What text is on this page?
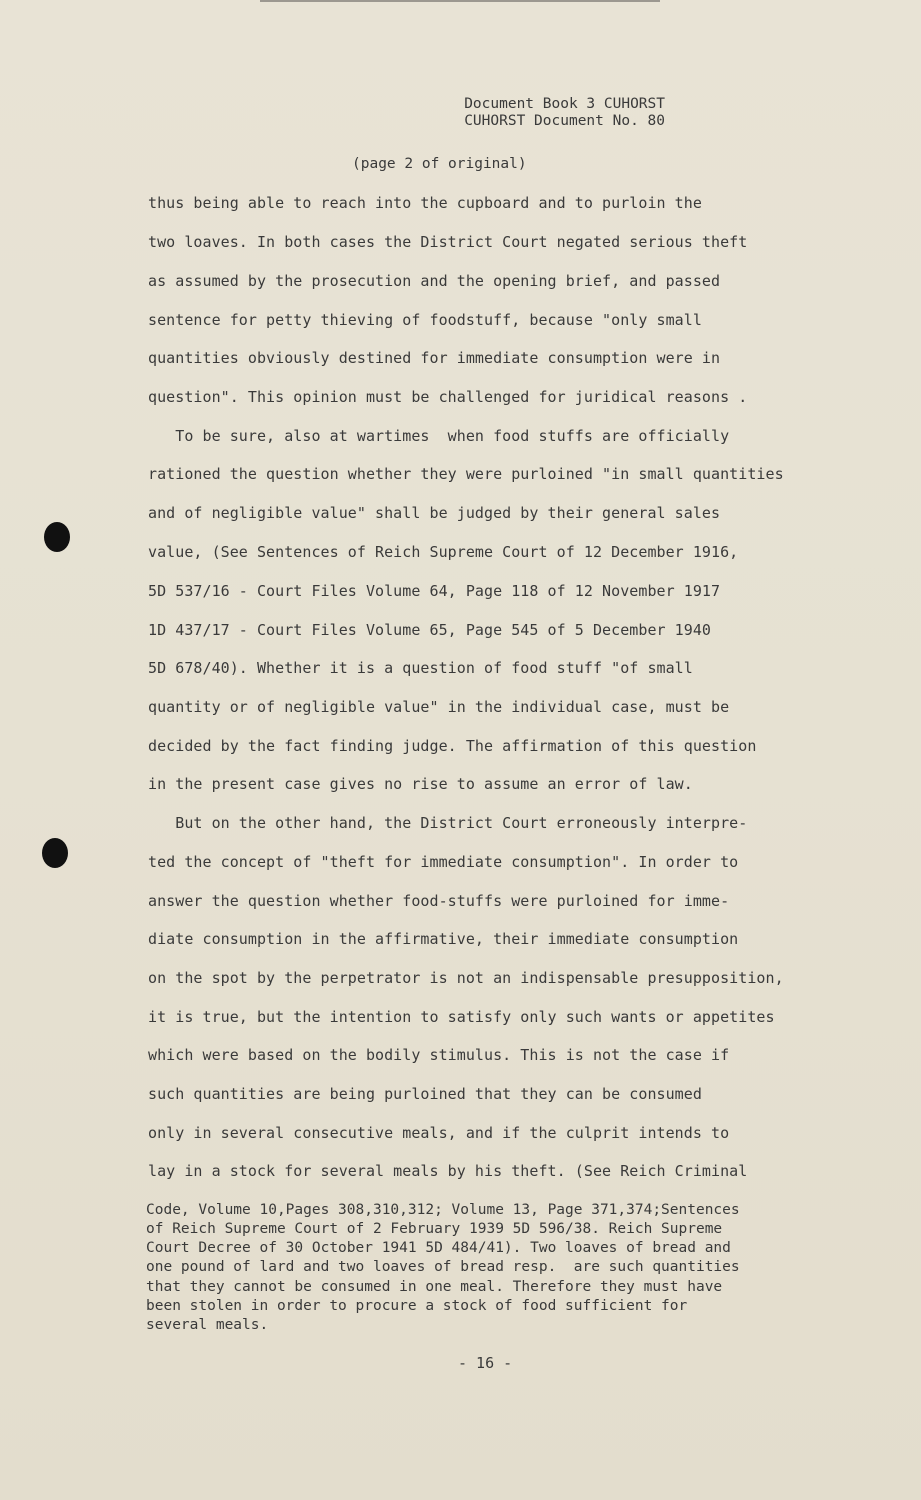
Document Book 3 CUHORST
CUHORST Document No. 80
(page 2 of original)
thus being able to reach into the cupboard and to purloin the
two loaves. In both cases the District Court negated serious theft
as assumed by the prosecution and the opening brief, and passed
sentence for petty thieving of foodstuff, because "only small
quantities obviously destined for immediate consumption were in
question". This opinion must be challenged for juridical reasons .
To be sure, also at wartimes  when food stuffs are officially
rationed the question whether they were purloined "in small quantities
and of negligible value" shall be judged by their general sales
value, (See Sentences of Reich Supreme Court of 12 December 1916,
5D 537/16 - Court Files Volume 64, Page 118 of 12 November 1917
1D 437/17 - Court Files Volume 65, Page 545 of 5 December 1940
5D 678/40). Whether it is a question of food stuff "of small
quantity or of negligible value" in the individual case, must be
decided by the fact finding judge. The affirmation of this question
in the present case gives no rise to assume an error of law.
But on the other hand, the District Court erroneously interpre-
ted the concept of "theft for immediate consumption". In order to
answer the question whether food-stuffs were purloined for imme-
diate consumption in the affirmative, their immediate consumption
on the spot by the perpetrator is not an indispensable presupposition,
it is true, but the intention to satisfy only such wants or appetites
which were based on the bodily stimulus. This is not the case if
such quantities are being purloined that they can be consumed
only in several consecutive meals, and if the culprit intends to
lay in a stock for several meals by his theft. (See Reich Criminal
Code, Volume 10,Pages 308,310,312; Volume 13, Page 371,374;Sentences
of Reich Supreme Court of 2 February 1939 5D 596/38. Reich Supreme
Court Decree of 30 October 1941 5D 484/41). Two loaves of bread and
one pound of lard and two loaves of bread resp.  are such quantities
that they cannot be consumed in one meal. Therefore they must have
been stolen in order to procure a stock of food sufficient for
several meals.
- 16 -
